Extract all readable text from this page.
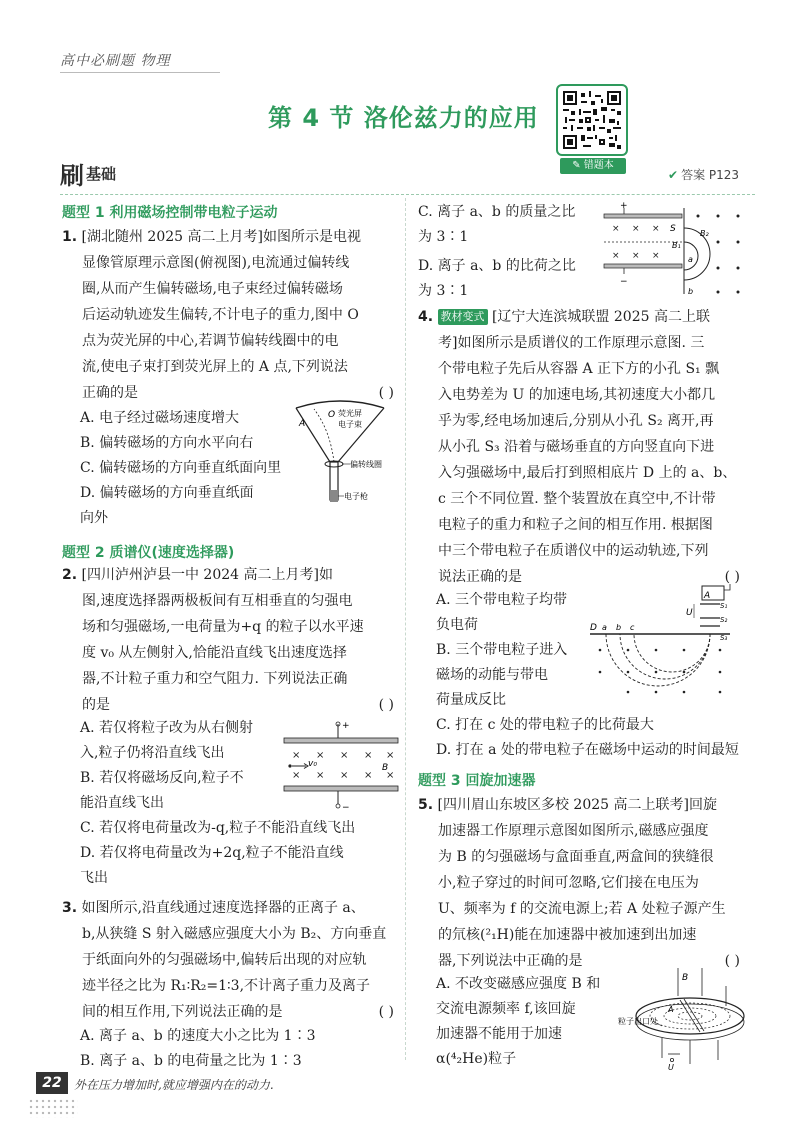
高中必刷题 物理
第 4 节 洛伦兹力的应用
✎ 错题本
刷 基础	✔ 答案 P123
题型 1 利用磁场控制带电粒子运动
1. [湖北随州 2025 高二上月考]如图所示是电视
显像管原理示意图(俯视图),电流通过偏转线
圈,从而产生偏转磁场,电子束经过偏转磁场
后运动轨迹发生偏转,不计电子的重力,图中 O
点为荧光屏的中心,若调节偏转线圈中的电
流,使电子束打到荧光屏上的 A 点,下列说法
正确的是	( )
A. 电子经过磁场速度增大
B. 偏转磁场的方向水平向右
C. 偏转磁场的方向垂直纸面向里
D. 偏转磁场的方向垂直纸面
向外
A
O 荧光屏
电子束
偏转线圈
电子枪
题型 2 质谱仪(速度选择器)
2. [四川泸州泸县一中 2024 高二上月考]如
图,速度选择器两极板间有互相垂直的匀强电
场和匀强磁场,一电荷量为+q 的粒子以水平速
度 v₀ 从左侧射入,恰能沿直线飞出速度选择
器,不计粒子重力和空气阻力. 下列说法正确
的是	( )
A. 若仅将粒子改为从右侧射
入,粒子仍将沿直线飞出
B. 若仅将磁场反向,粒子不
能沿直线飞出
C. 若仅将电荷量改为-q,粒子不能沿直线飞出
D. 若仅将电荷量改为+2q,粒子不能沿直线
飞出
+
× × × × ×
× × × × ×
v₀	B
−
3. 如图所示,沿直线通过速度选择器的正离子 a、
b,从狭缝 S 射入磁感应强度大小为 B₂、方向垂直
于纸面向外的匀强磁场中,偏转后出现的对应轨
迹半径之比为 R₁∶R₂=1∶3,不计离子重力及离子
间的相互作用,下列说法正确的是	( )
A. 离子 a、b 的速度大小之比为 1∶3
B. 离子 a、b 的电荷量之比为 1∶3
C. 离子 a、b 的质量之比
为 3∶1
D. 离子 a、b 的比荷之比
为 3∶1
+
× × ×
× × ×
S
−
B₁
B₂
a
b
4. 教材变式 [辽宁大连滨城联盟 2025 高二上联
考]如图所示是质谱仪的工作原理示意图. 三
个带电粒子先后从容器 A 正下方的小孔 S₁ 飘
入电势差为 U 的加速电场,其初速度大小都几
乎为零,经电场加速后,分别从小孔 S₂ 离开,再
从小孔 S₃ 沿着与磁场垂直的方向竖直向下进
入匀强磁场中,最后打到照相底片 D 上的 a、b、
c 三个不同位置. 整个装置放在真空中,不计带
电粒子的重力和粒子之间的相互作用. 根据图
中三个带电粒子在质谱仪中的运动轨迹,下列
说法正确的是	( )
A. 三个带电粒子均带
负电荷
B. 三个带电粒子进入
磁场的动能与带电
荷量成反比
C. 打在 c 处的带电粒子的比荷最大
D. 打在 a 处的带电粒子在磁场中运动的时间最短
A
U
S₁
S₂
S₃
D a b c
题型 3 回旋加速器
5. [四川眉山东坡区多校 2025 高二上联考]回旋
加速器工作原理示意图如图所示,磁感应强度
为 B 的匀强磁场与盒面垂直,两盒间的狭缝很
小,粒子穿过的时间可忽略,它们接在电压为
U、频率为 f 的交流电源上;若 A 处粒子源产生
的氘核(²₁H)能在加速器中被加速到出加速
器,下列说法中正确的是	( )
A. 不改变磁感应强度 B 和
交流电源频率 f,该回旋
加速器不能用于加速
α(⁴₂He)粒子
B
A
粒子出口处
U
22	外在压力增加时,就应增强内在的动力.
